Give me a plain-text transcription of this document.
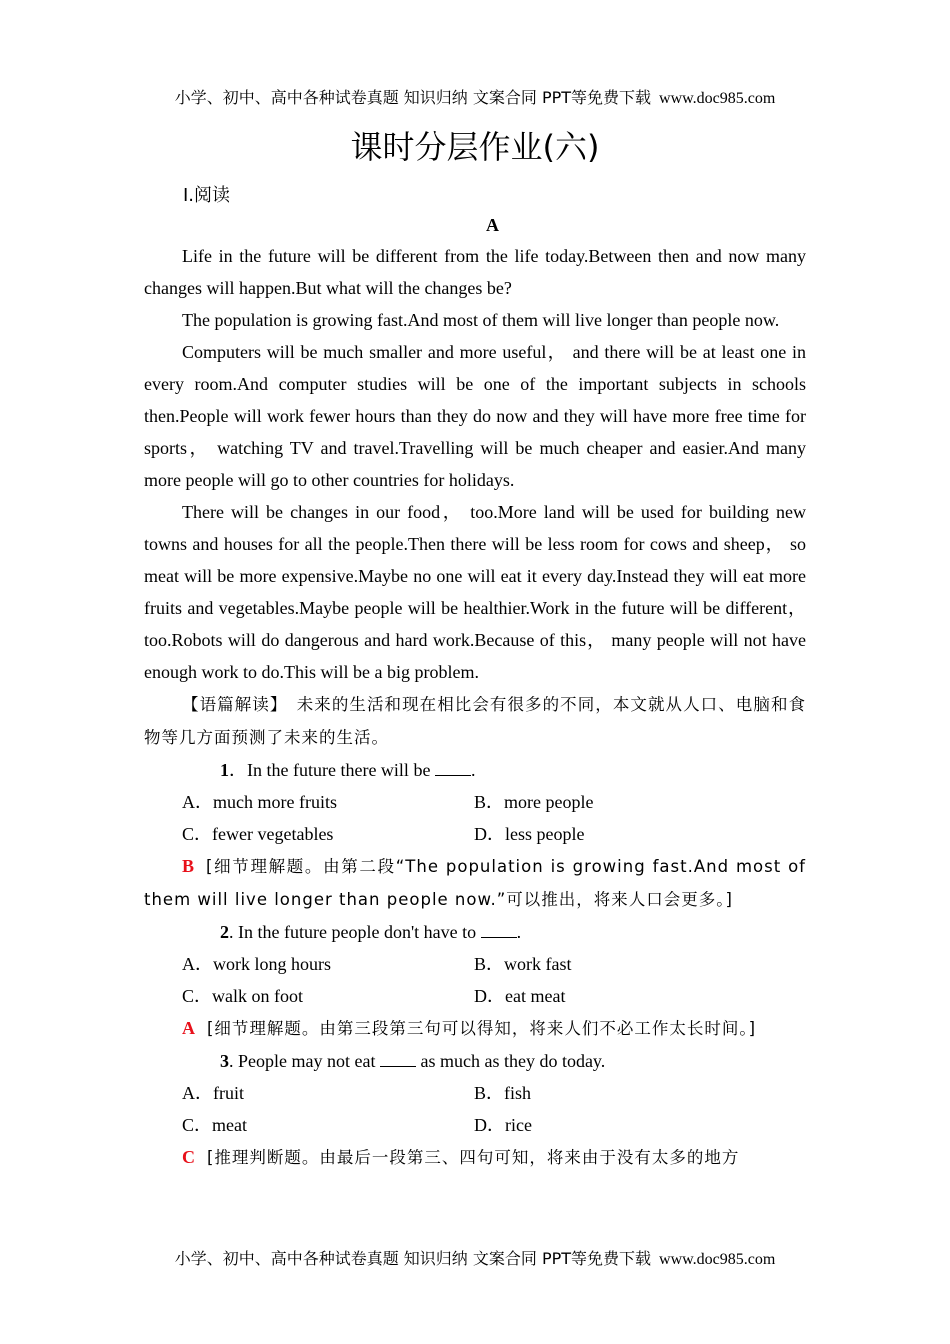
小学、初中、高中各种试卷真题 知识归纳 文案合同 PPT等免费下载 www.doc985.com
课时分层作业(六)
Ⅰ.阅读
A

Life in the future will be different from the life today.Between then and now many changes will happen.But what will the changes be?

The population is growing fast.And most of them will live longer than people now.

Computers will be much smaller and more useful， and there will be at least one in every room.And computer studies will be one of the important subjects in schools then.People will work fewer hours than they do now and they will have more free time for sports， watching TV and travel.Travelling will be much cheaper and easier.And many more people will go to other countries for holidays.

There will be changes in our food， too.More land will be used for building new towns and houses for all the people.Then there will be less room for cows and sheep， so meat will be more expensive.Maybe no one will eat it every day.Instead they will eat more fruits and vegetables.Maybe people will be healthier.Work in the future will be different， too.Robots will do dangerous and hard work.Because of this， many people will not have enough work to do.This will be a big problem.

【语篇解读】　未来的生活和现在相比会有很多的不同，本文就从人口、电脑和食物等几方面预测了未来的生活。

1．In the future there will be .

A．much more fruits	B．more people
C．fewer vegetables	D．less people

B [细节理解题。由第二段“The population is growing fast.And most of them will live longer than people now.”可以推出，将来人口会更多。]

2. In the future people don't have to .

A．work long hours	B．work fast
C．walk on foot	D．eat meat

A [细节理解题。由第三段第三句可以得知，将来人们不必工作太长时间。]

3. People may not eat  as much as they do today.

A．fruit	B．fish
C．meat	D．rice

C [推理判断题。由最后一段第三、四句可知，将来由于没有太多的地方

小学、初中、高中各种试卷真题 知识归纳 文案合同 PPT等免费下载 www.doc985.com
